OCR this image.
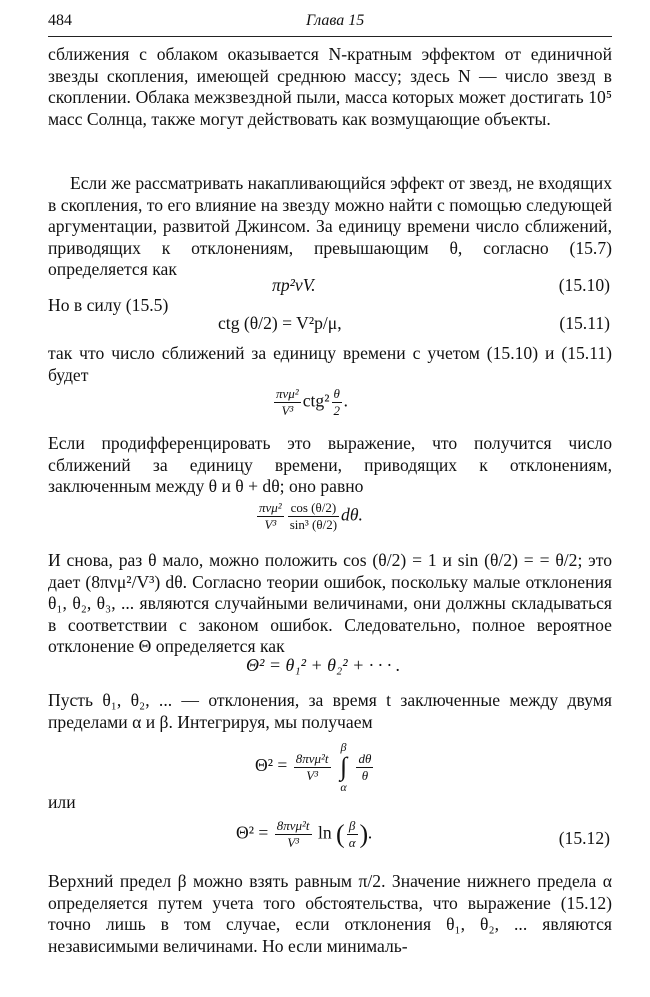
484	Глава 15

сближения с облаком оказывается N-кратным эффектом от единичной звезды скопления, имеющей среднюю массу; здесь N — число звезд в скоплении. Облака межзвездной пыли, масса которых может достигать 10⁵ масс Солнца, также могут действовать как возмущающие объекты.

Если же рассматривать накапливающийся эффект от звезд, не входящих в скопления, то его влияние на звезду можно найти с помощью следующей аргументации, развитой Джинсом. За единицу времени число сближений, приводящих к отклонениям, превышающим θ, согласно (15.7) определяется как

πp²vV.	(15.10)
Но в силу (15.5)
ctg (θ/2) = V²p/μ,	(15.11)

так что число сближений за единицу времени с учетом (15.10) и (15.11) будет

$\frac{\text{πνμ²}}{\text{V³}} ctg^2 \frac{\theta}{2}$ .

Если продифференцировать это выражение, что получится число сближений за единицу времени, приводящих к отклонениям, заключенным между θ и θ + dθ; оно равно

$\frac{\text{πνμ²}}{\text{V³}} \frac{\cos (\theta/2)}{\text{sin³ (θ/2)}} d\theta$.

И снова, раз θ мало, можно положить cos (θ/2) = 1 и sin (θ/2) = = θ/2; это дает (8πνμ²/V³) dθ. Согласно теории ошибок, поскольку малые отклонения θ₁, θ₂, θ₃, ... являются случайными величинами, они должны складываться в соответствии с законом ошибок. Следовательно, полное вероятное отклонение Θ определяется как

Θ² = θ₁² + θ₂² + · · · .

Пусть θ₁, θ₂, ... — отклонения, за время t заключенные между двумя пределами α и β. Интегрируя, мы получаем

$\Theta^2 = \frac{\text{8πνμ²t}}{\text{V³}}$

β
∫
α

$\frac{d\theta}{\theta}$
или
$\Theta^2 = \frac{\text{8πνμ²t}}{\text{V³}}$ ln ( $\frac{\beta}{\alpha}$ ).	(15.12)

Верхний предел β можно взять равным π/2. Значение нижнего предела α определяется путем учета того обстоятельства, что выражение (15.12) точно лишь в том случае, если отклонения θ₁, θ₂, ... являются независимыми величинами. Но если минималь-
